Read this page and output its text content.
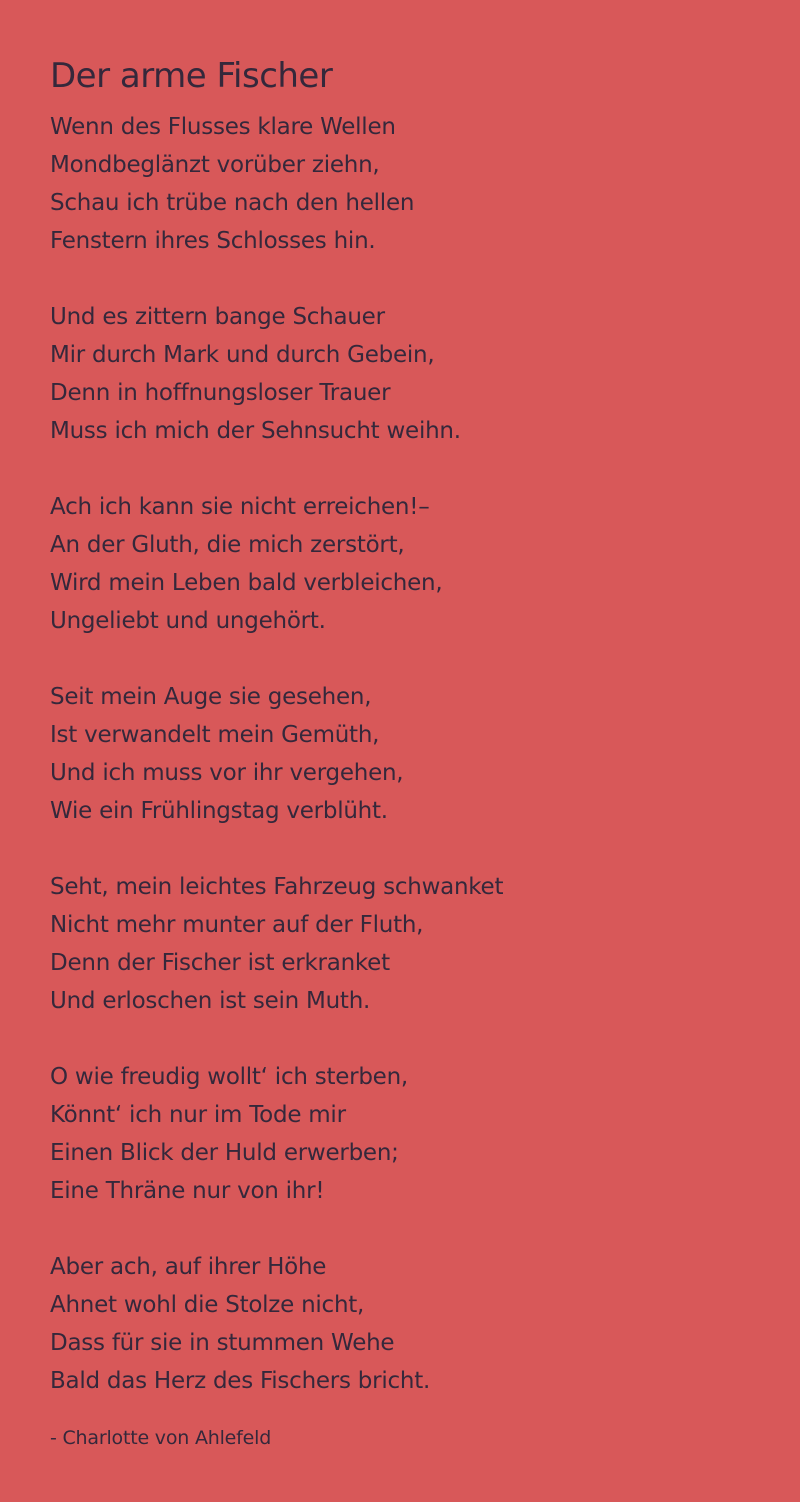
Der arme Fischer
Wenn des Flusses klare Wellen
Mondbeglänzt vorüber ziehn,
Schau ich trübe nach den hellen
Fenstern ihres Schlosses hin.
Und es zittern bange Schauer
Mir durch Mark und durch Gebein,
Denn in hoffnungsloser Trauer
Muss ich mich der Sehnsucht weihn.
Ach ich kann sie nicht erreichen!–
An der Gluth, die mich zerstört,
Wird mein Leben bald verbleichen,
Ungeliebt und ungehört.
Seit mein Auge sie gesehen,
Ist verwandelt mein Gemüth,
Und ich muss vor ihr vergehen,
Wie ein Frühlingstag verblüht.
Seht, mein leichtes Fahrzeug schwanket
Nicht mehr munter auf der Fluth,
Denn der Fischer ist erkranket
Und erloschen ist sein Muth.
O wie freudig wollt‘ ich sterben,
Könnt‘ ich nur im Tode mir
Einen Blick der Huld erwerben;
Eine Thräne nur von ihr!
Aber ach, auf ihrer Höhe
Ahnet wohl die Stolze nicht,
Dass für sie in stummen Wehe
Bald das Herz des Fischers bricht.
- Charlotte von Ahlefeld
